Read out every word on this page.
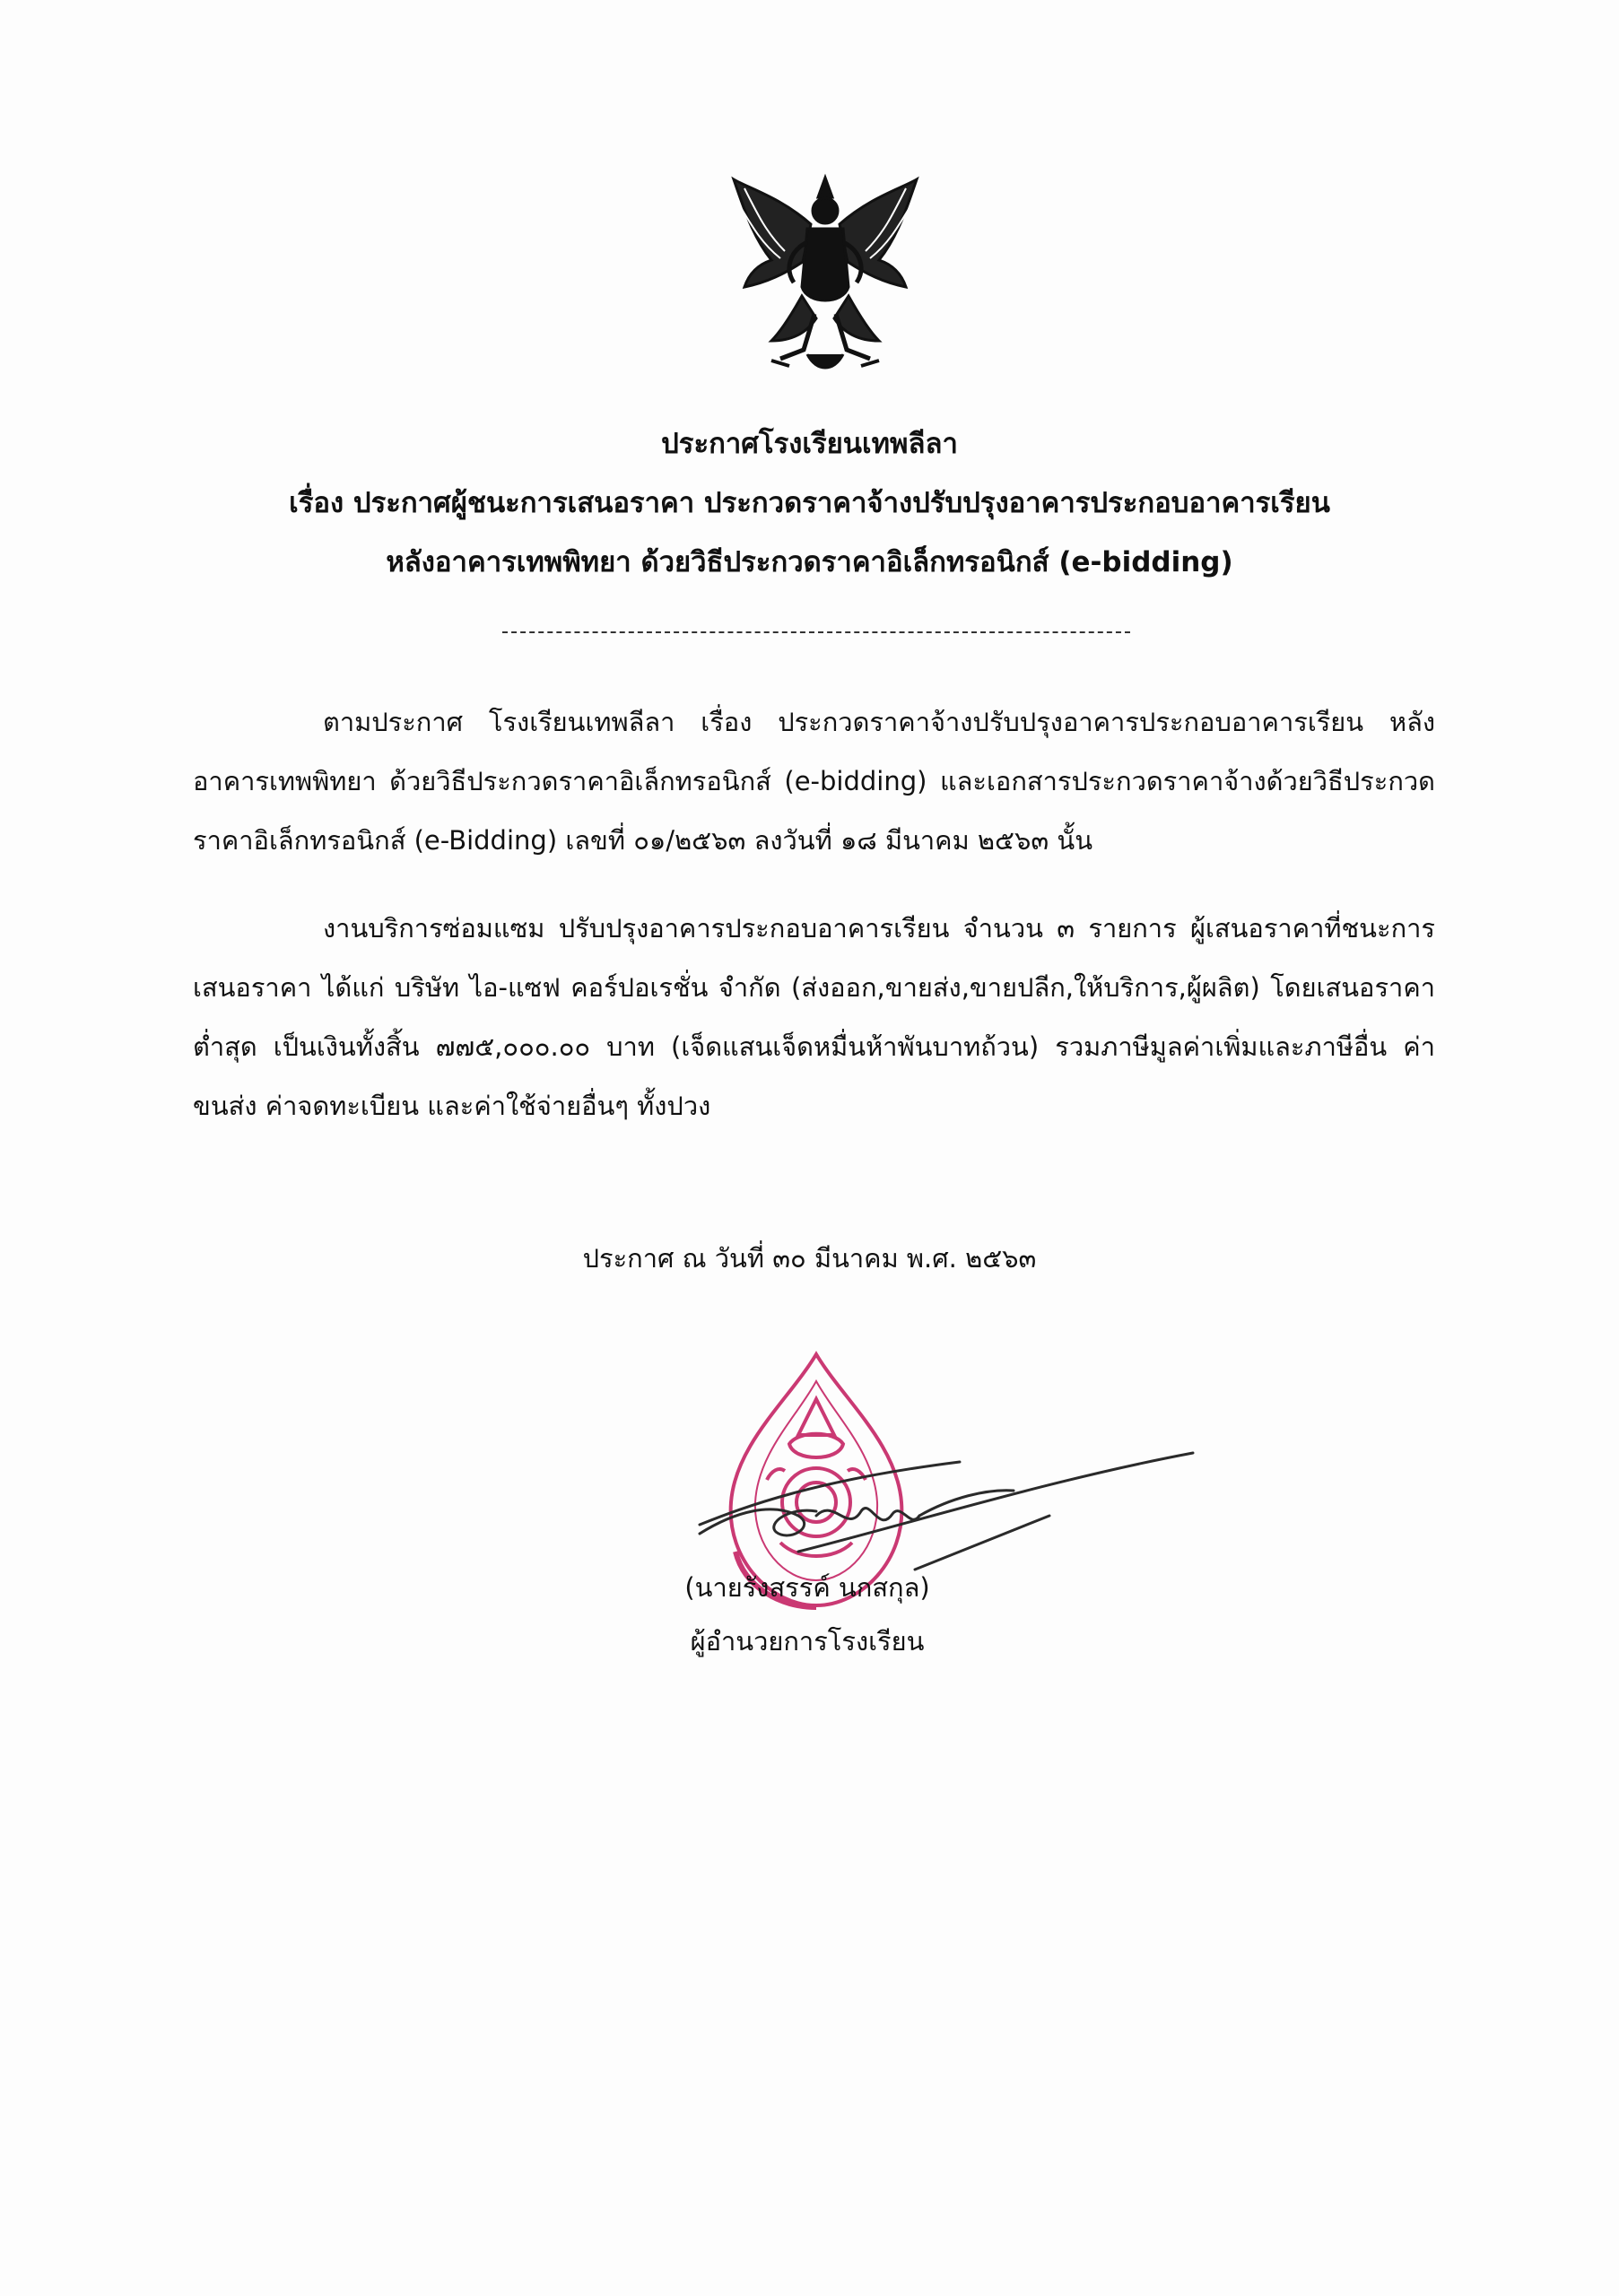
ประกาศโรงเรียนเทพลีลา
เรื่อง ประกาศผู้ชนะการเสนอราคา ประกวดราคาจ้างปรับปรุงอาคารประกอบอาคารเรียน
หลังอาคารเทพพิทยา ด้วยวิธีประกวดราคาอิเล็กทรอนิกส์ (e-bidding)
ตามประกาศ โรงเรียนเทพลีลา เรื่อง ประกวดราคาจ้างปรับปรุงอาคารประกอบอาคารเรียน หลังอาคารเทพพิทยา ด้วยวิธีประกวดราคาอิเล็กทรอนิกส์ (e-bidding) และเอกสารประกวดราคาจ้างด้วยวิธีประกวดราคาอิเล็กทรอนิกส์ (e-Bidding) เลขที่ ๐๑/๒๕๖๓ ลงวันที่ ๑๘ มีนาคม ๒๕๖๓ นั้น
งานบริการซ่อมแซม ปรับปรุงอาคารประกอบอาคารเรียน จำนวน ๓ รายการ ผู้เสนอราคาที่ชนะการเสนอราคา ได้แก่ บริษัท ไอ-แซฟ คอร์ปอเรชั่น จำกัด (ส่งออก,ขายส่ง,ขายปลีก,ให้บริการ,ผู้ผลิต) โดยเสนอราคาต่ำสุด เป็นเงินทั้งสิ้น ๗๗๕,๐๐๐.๐๐ บาท (เจ็ดแสนเจ็ดหมื่นห้าพันบาทถ้วน) รวมภาษีมูลค่าเพิ่มและภาษีอื่น ค่าขนส่ง ค่าจดทะเบียน และค่าใช้จ่ายอื่นๆ ทั้งปวง
ประกาศ ณ วันที่ ๓๐ มีนาคม พ.ศ. ๒๕๖๓
(นายรังสรรค์ นกสกุล)
ผู้อำนวยการโรงเรียน
